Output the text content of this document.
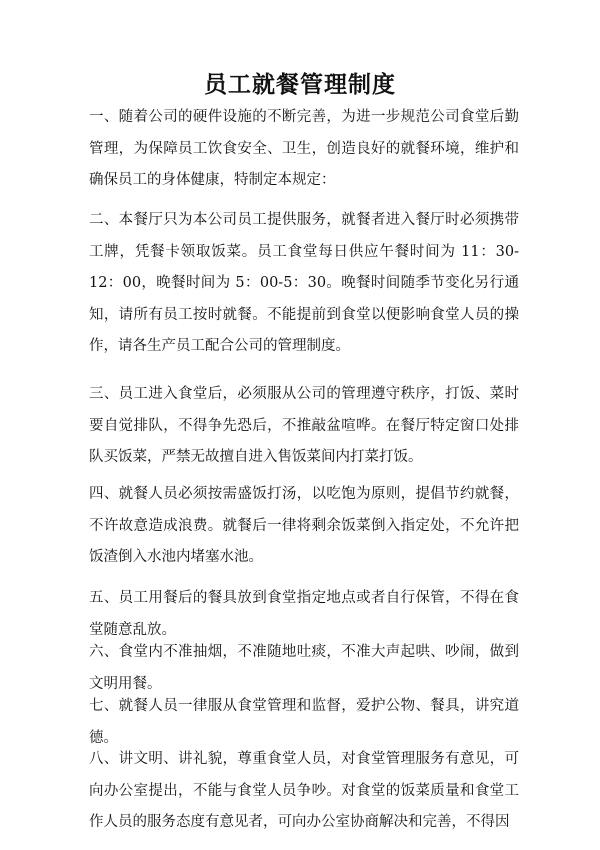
员工就餐管理制度

一、随着公司的硬件设施的不断完善，为进一步规范公司食堂后勤管理，为保障员工饮食安全、卫生，创造良好的就餐环境，维护和确保员工的身体健康，特制定本规定：

二、本餐厅只为本公司员工提供服务，就餐者进入餐厅时必须携带工牌，凭餐卡领取饭菜。员工食堂每日供应午餐时间为 11：30-12：00，晚餐时间为 5：00-5：30。晚餐时间随季节变化另行通知，请所有员工按时就餐。不能提前到食堂以便影响食堂人员的操作，请各生产员工配合公司的管理制度。

三、员工进入食堂后，必须服从公司的管理遵守秩序，打饭、菜时要自觉排队，不得争先恐后，不推敲盆喧哗。在餐厅特定窗口处排队买饭菜，严禁无故擅自进入售饭菜间内打菜打饭。

四、就餐人员必须按需盛饭打汤，以吃饱为原则，提倡节约就餐，不许故意造成浪费。就餐后一律将剩余饭菜倒入指定处，不允许把饭渣倒入水池内堵塞水池。

五、员工用餐后的餐具放到食堂指定地点或者自行保管，不得在食堂随意乱放。

六、食堂内不准抽烟，不准随地吐痰，不准大声起哄、吵闹，做到文明用餐。

七、就餐人员一律服从食堂管理和监督，爱护公物、餐具，讲究道德。

八、讲文明、讲礼貌，尊重食堂人员，对食堂管理服务有意见，可向办公室提出，不能与食堂人员争吵。对食堂的饭菜质量和食堂工作人员的服务态度有意见者，可向办公室协商解决和完善，不得因
